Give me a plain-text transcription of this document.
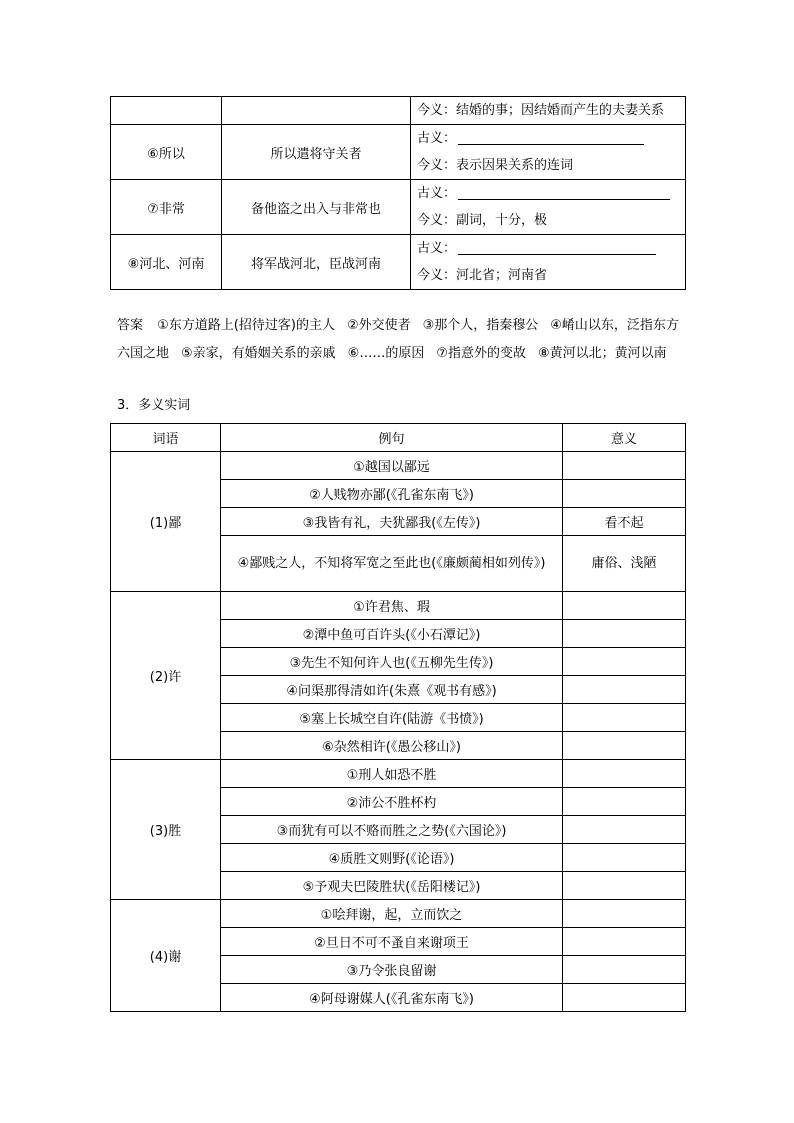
		今义：结婚的事；因结婚而产生的夫妻关系

⑥所以	所以遣将守关者	古义：
今义：表示因果关系的连词

⑦非常	备他盗之出入与非常也	古义：
今义：副词，十分，极

⑧河北、河南	将军战河北，臣战河南	古义：
今义：河北省；河南省
答案 ①东方道路上(招待过客)的主人 ②外交使者 ③那个人，指秦穆公 ④崤山以东，泛指东方六国之地 ⑤亲家，有婚姻关系的亲戚 ⑥……的原因 ⑦指意外的变故 ⑧黄河以北；黄河以南
3．多义实词
词语	例句	意义
(1)鄙	①越国以鄙远	
	②人贱物亦鄙(《孔雀东南飞》)	
	③我皆有礼，夫犹鄙我(《左传》)	看不起
	④鄙贱之人，不知将军宽之至此也(《廉颇蔺相如列传》)	庸俗、浅陋
(2)许	①许君焦、瑕	
	②潭中鱼可百许头(《小石潭记》)	
	③先生不知何许人也(《五柳先生传》)	
	④问渠那得清如许(朱熹《观书有感》)	
	⑤塞上长城空自许(陆游《书愤》)	
	⑥杂然相许(《愚公移山》)	
(3)胜	①刑人如恐不胜	
	②沛公不胜杯杓	
	③而犹有可以不赂而胜之之势(《六国论》)	
	④质胜文则野(《论语》)	
	⑤予观夫巴陵胜状(《岳阳楼记》)	
(4)谢	①哙拜谢，起，立而饮之	
	②旦日不可不蚤自来谢项王	
	③乃令张良留谢	
	④阿母谢媒人(《孔雀东南飞》)	
